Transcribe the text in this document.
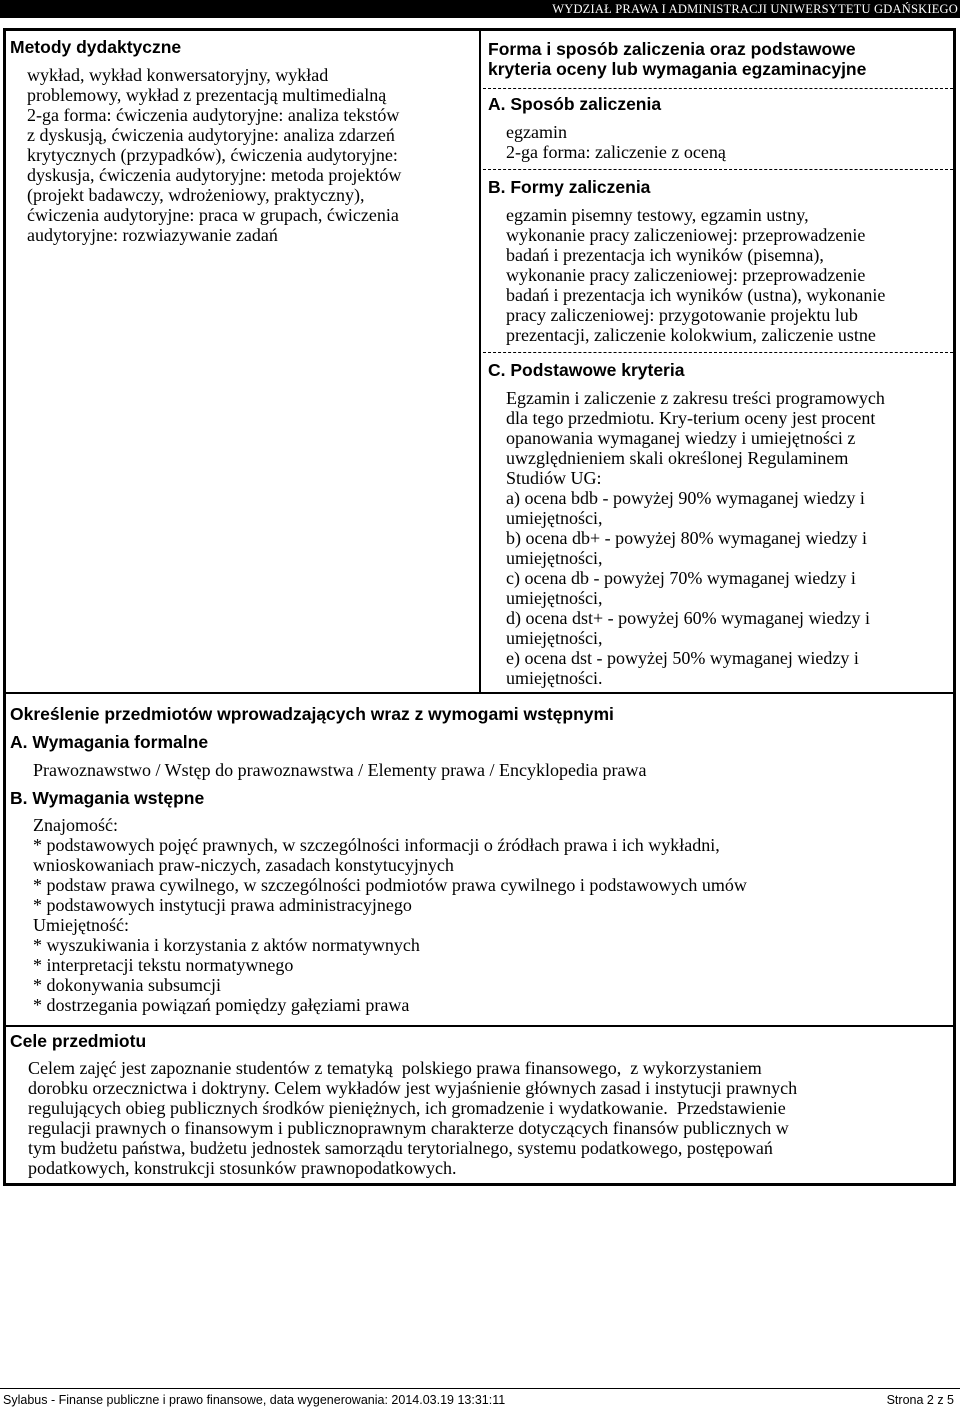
WYDZIAŁ PRAWA I ADMINISTRACJI UNIWERSYTETU GDAŃSKIEGO
Metody dydaktyczne
wykład, wykład konwersatoryjny, wykład
problemowy, wykład z prezentacją multimedialną
2-ga forma: ćwiczenia audytoryjne: analiza tekstów
z dyskusją, ćwiczenia audytoryjne: analiza zdarzeń
krytycznych (przypadków), ćwiczenia audytoryjne:
dyskusja, ćwiczenia audytoryjne: metoda projektów
(projekt badawczy, wdrożeniowy, praktyczny),
ćwiczenia audytoryjne: praca w grupach, ćwiczenia
audytoryjne: rozwiazywanie zadań
Forma i sposób zaliczenia oraz podstawowe
kryteria oceny lub wymagania egzaminacyjne
A. Sposób zaliczenia
egzamin
2-ga forma: zaliczenie z oceną
B. Formy zaliczenia
egzamin pisemny testowy, egzamin ustny,
wykonanie pracy zaliczeniowej: przeprowadzenie
badań i prezentacja ich wyników (pisemna),
wykonanie pracy zaliczeniowej: przeprowadzenie
badań i prezentacja ich wyników (ustna), wykonanie
pracy zaliczeniowej: przygotowanie projektu lub
prezentacji, zaliczenie kolokwium, zaliczenie ustne
C. Podstawowe kryteria
Egzamin i zaliczenie z zakresu treści programowych
dla tego przedmiotu. Kry-terium oceny jest procent
opanowania wymaganej wiedzy i umiejętności z
uwzględnieniem skali określonej Regulaminem
Studiów UG:
a) ocena bdb - powyżej 90% wymaganej wiedzy i
umiejętności,
b) ocena db+ - powyżej 80% wymaganej wiedzy i
umiejętności,
c) ocena db - powyżej 70% wymaganej wiedzy i
umiejętności,
d) ocena dst+ - powyżej 60% wymaganej wiedzy i
umiejętności,
e) ocena dst - powyżej 50% wymaganej wiedzy i
umiejętności.
Określenie przedmiotów wprowadzających wraz z wymogami wstępnymi
A. Wymagania formalne
Prawoznawstwo / Wstęp do prawoznawstwa / Elementy prawa / Encyklopedia prawa
B. Wymagania wstępne
Znajomość:
* podstawowych pojęć prawnych, w szczególności informacji o źródłach prawa i ich wykładni,
wnioskowaniach praw-niczych, zasadach konstytucyjnych
* podstaw prawa cywilnego, w szczególności podmiotów prawa cywilnego i podstawowych umów
* podstawowych instytucji prawa administracyjnego
Umiejętność:
* wyszukiwania i korzystania z aktów normatywnych
* interpretacji tekstu normatywnego
* dokonywania subsumcji
* dostrzegania powiązań pomiędzy gałęziami prawa
Cele przedmiotu
Celem zajęć jest zapoznanie studentów z tematyką  polskiego prawa finansowego,  z wykorzystaniem
dorobku orzecznictwa i doktryny. Celem wykładów jest wyjaśnienie głównych zasad i instytucji prawnych
regulujących obieg publicznych środków pieniężnych, ich gromadzenie i wydatkowanie.  Przedstawienie
regulacji prawnych o finansowym i publicznoprawnym charakterze dotyczących finansów publicznych w
tym budżetu państwa, budżetu jednostek samorządu terytorialnego, systemu podatkowego, postępowań
podatkowych, konstrukcji stosunków prawnopodatkowych.
Sylabus - Finanse publiczne i prawo finansowe, data wygenerowania: 2014.03.19 13:31:11	Strona 2 z 5
